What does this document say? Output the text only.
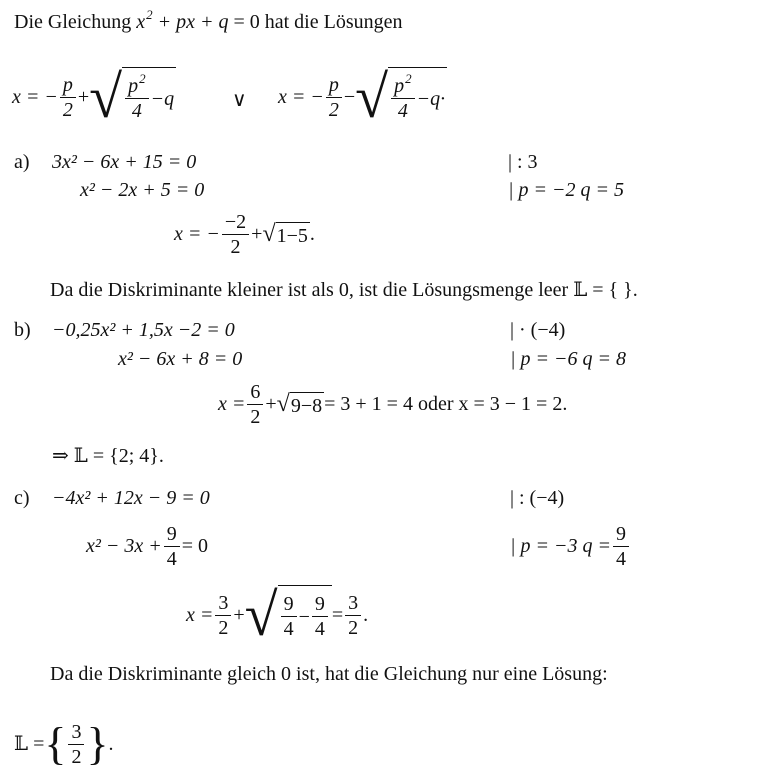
Die Gleichung $x^2$ + px + q = 0 hat die Lösungen
x = − $\frac{p}{2}$ + √ $\frac{p^2}{4} -q$	∨ x = − $\frac{p}{2}$ − √ $\frac{p^2}{4} -q\cdot$
a) 3x² − 6x + 15 = 0	| : 3
x² − 2x + 5 = 0	| p = −2 q = 5
x = − $\frac{-2}{2}$ + √ 1−5 .
Da die Diskriminante kleiner ist als 0, ist die Lösungsmenge leer 𝕃 = { }.
b) −0,25x² + 1,5x −2 = 0	| · (−4)
x² − 6x + 8 = 0	| p = −6 q = 8
$x = \frac{6}{2}$ + √ 9−8 = 3 + 1 = 4 oder x = 3 − 1 = 2.
⇒ 𝕃 = {2; 4}.
c) −4x² + 12x − 9 = 0	| : (−4)
$x^2 - 3x + \frac{9}{4} = 0$	| p = −3 $q = \frac{9}{4}$
$x = \frac{3}{2}$ + √ $\frac{9}{4} - \frac{9}{4} = \frac{3}{2}$ .
Da die Diskriminante gleich 0 ist, hat die Gleichung nur eine Lösung:
𝕃 = { $\frac{3}{2}$ } .
